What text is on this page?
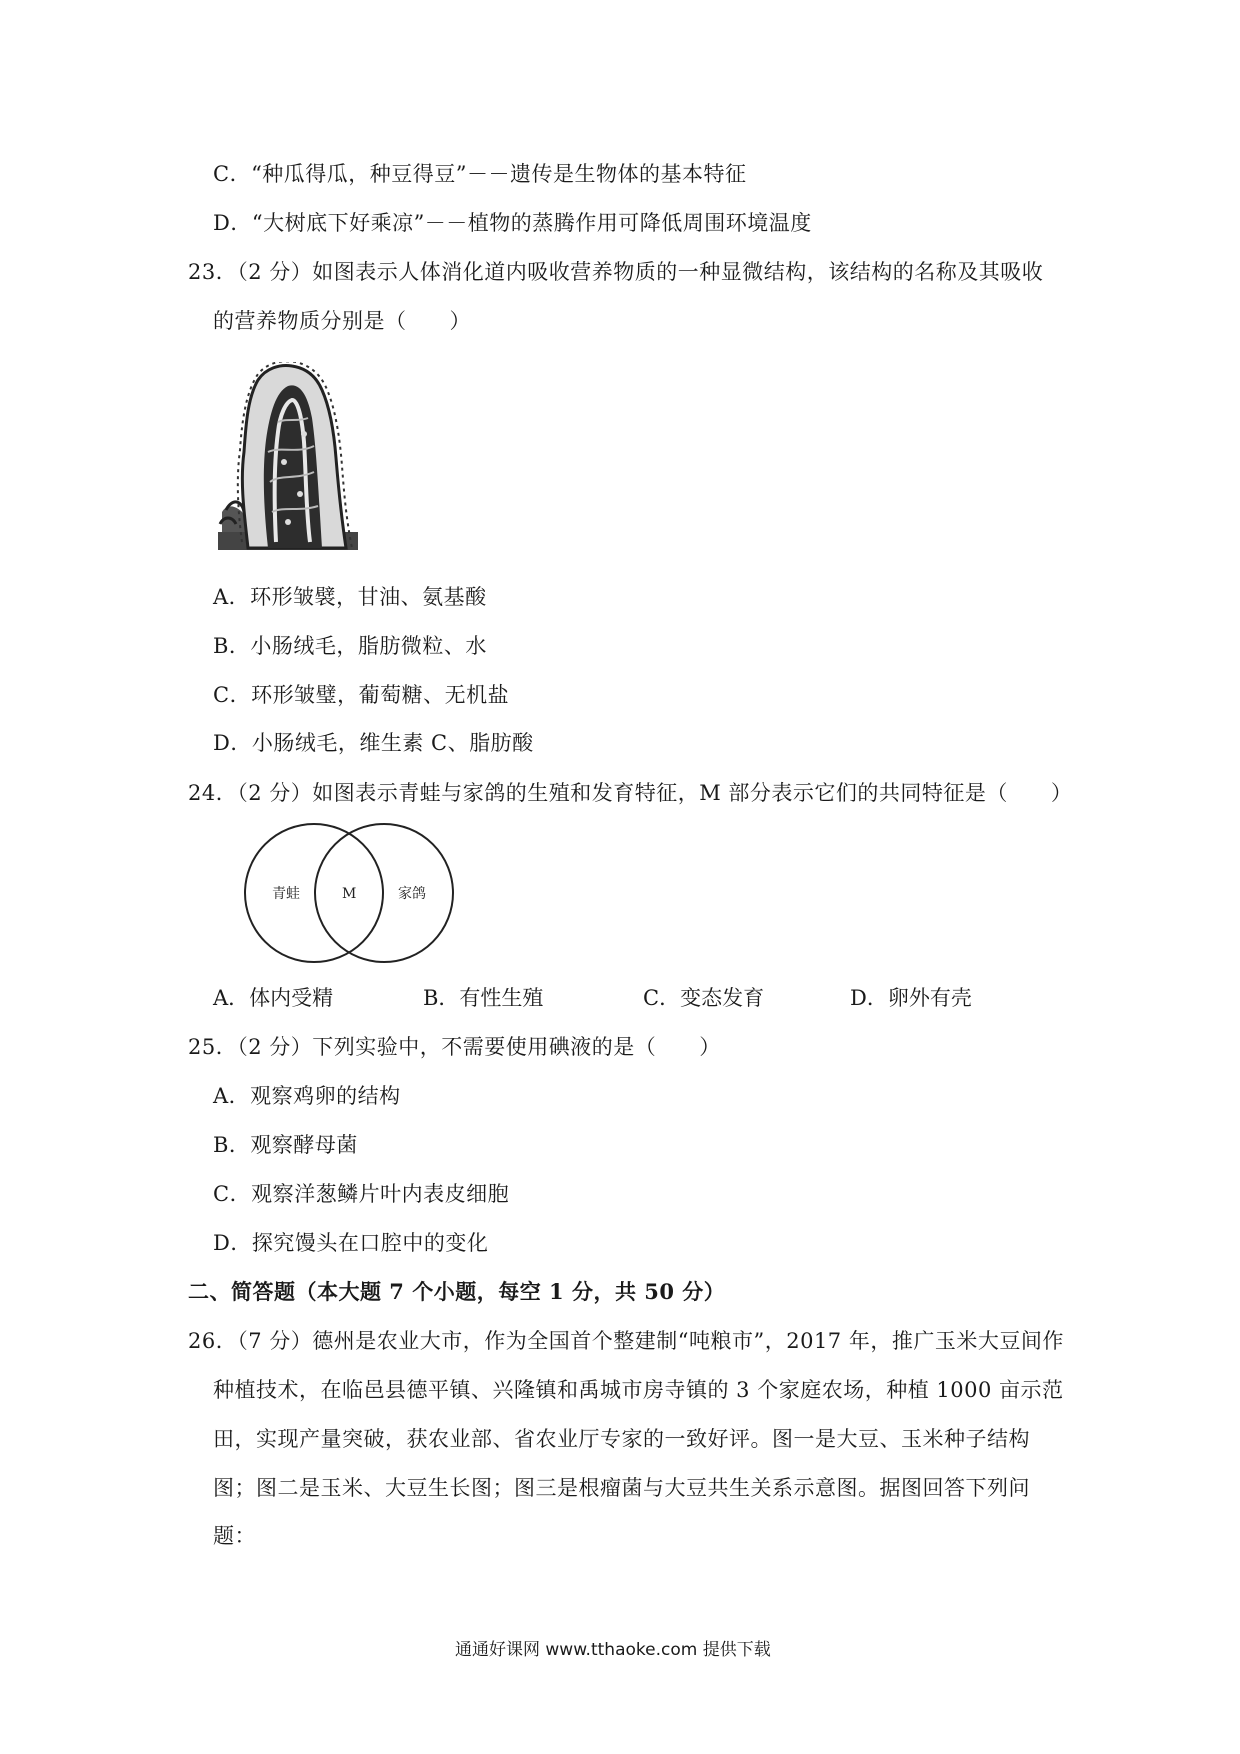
C．“种瓜得瓜，种豆得豆”－－遗传是生物体的基本特征
D．“大树底下好乘凉”－－植物的蒸腾作用可降低周围环境温度
23．（2 分）如图表示人体消化道内吸收营养物质的一种显微结构，该结构的名称及其吸收
的营养物质分别是（　　）
A．环形皱襞，甘油、氨基酸
B．小肠绒毛，脂肪微粒、水
C．环形皱璧，葡萄糖、无机盐
D．小肠绒毛，维生素 C、脂肪酸
24．（2 分）如图表示青蛙与家鸽的生殖和发育特征，M 部分表示它们的共同特征是（　　）
青蛙	M	家鸽
A．体内受精	B．有性生殖	C．变态发育	D．卵外有壳
25．（2 分）下列实验中，不需要使用碘液的是（　　）
A．观察鸡卵的结构
B．观察酵母菌
C．观察洋葱鳞片叶内表皮细胞
D．探究馒头在口腔中的变化
二、简答题（本大题 7 个小题，每空 1 分，共 50 分）
26．（7 分）德州是农业大市，作为全国首个整建制“吨粮市”，2017 年，推广玉米大豆间作
种植技术，在临邑县德平镇、兴隆镇和禹城市房寺镇的 3 个家庭农场，种植 1000 亩示范
田，实现产量突破，获农业部、省农业厅专家的一致好评。图一是大豆、玉米种子结构
图；图二是玉米、大豆生长图；图三是根瘤菌与大豆共生关系示意图。据图回答下列问
题：
通通好课网 www.tthaoke.com 提供下载
